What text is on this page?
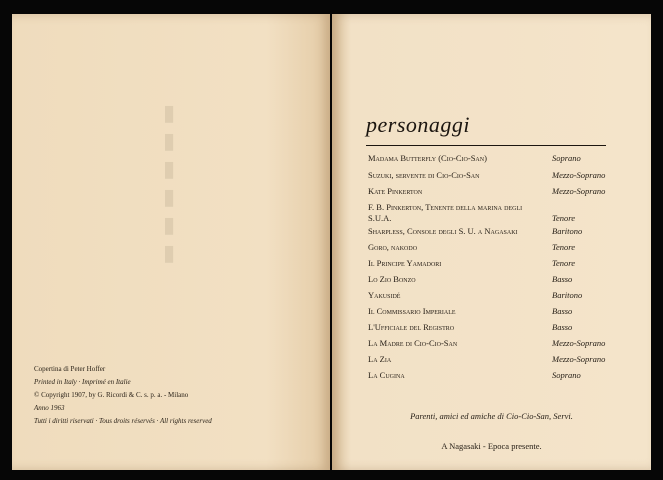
▮▮▮▮▮▮
Copertina di Peter Hoffer
Printed in Italy · Imprimé en Italie
© Copyright 1907, by G. Ricordi & C. s. p. a. - Milano
Anno 1963
Tutti i diritti riservati · Tous droits réservés · All rights reserved
personaggi
Madama Butterfly (Cio-Cio-San)	Soprano
Suzuki, servente di Cio-Cio-San	Mezzo-Soprano
Kate Pinkerton	Mezzo-Soprano
F. B. Pinkerton, Tenente della marina degli S.U.A.	Tenore
Sharpless, Console degli S. U. a Nagasaki	Baritono
Goro, nakodo	Tenore
Il Principe Yamadori	Tenore
Lo Zio Bonzo	Basso
Yakusidé	Baritono
Il Commissario Imperiale	Basso
L'Ufficiale del Registro	Basso
La Madre di Cio-Cio-San	Mezzo-Soprano
La Zia	Mezzo-Soprano
La Cugina	Soprano
Parenti, amici ed amiche di Cio-Cio-San, Servi.
A Nagasaki - Epoca presente.
